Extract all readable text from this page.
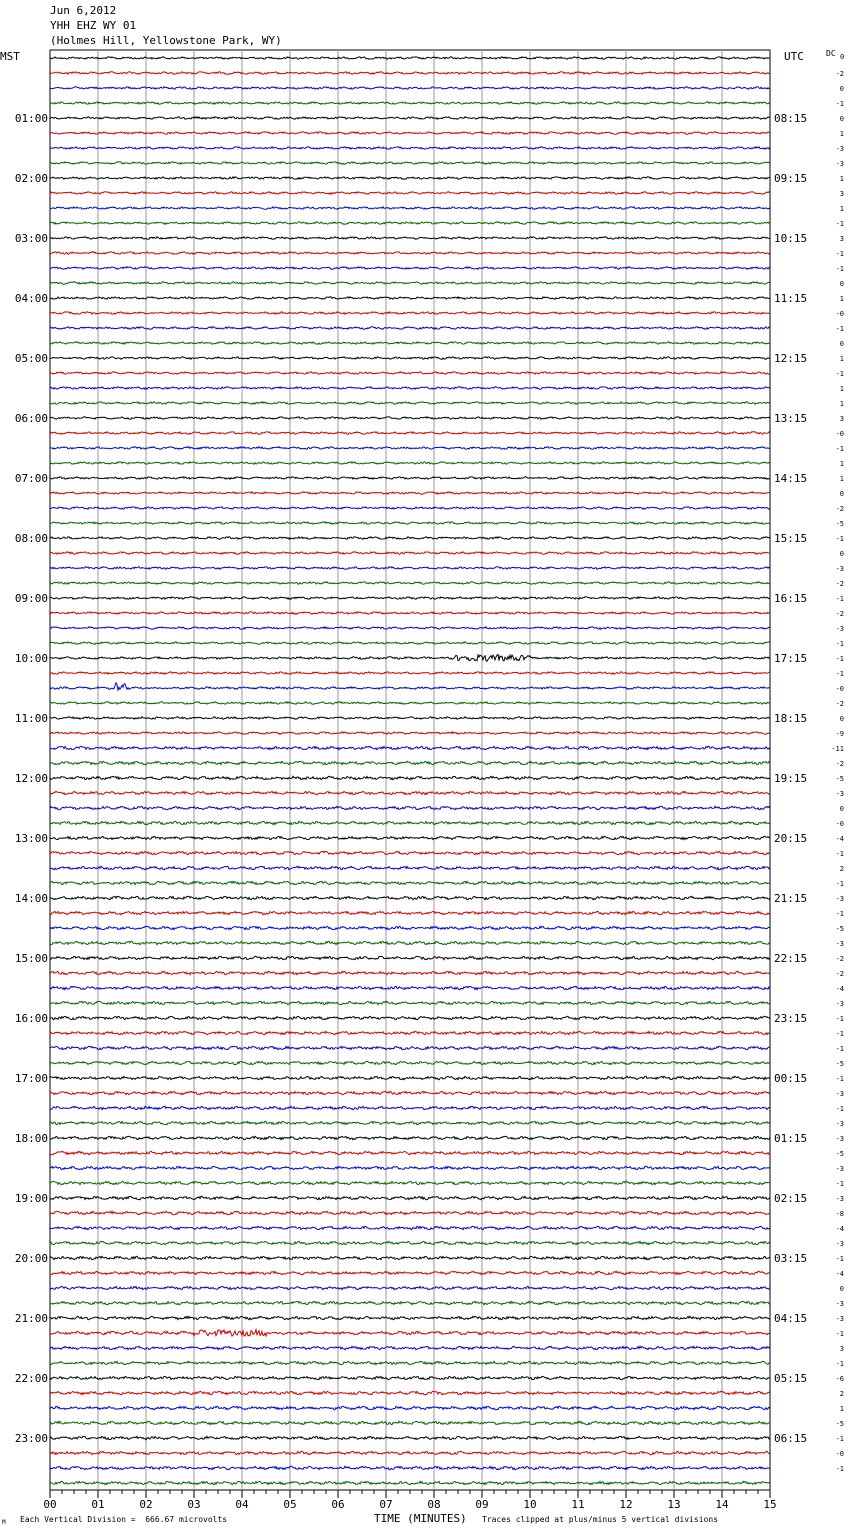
Jun 6,2012
YHH EHZ WY 01
(Holmes Hill, Yellowstone Park, WY)
MST	UTC	DC 0
-2
0
-1
0
1
-3
-3
1
3
1
-1
3
-1
-1
0
1
-0
-1
0
1
-1
1
1
3
-0
-1
1
1
0
-2
-5
-1
0
-3
-2
-1
-2
-3
-1
-1
-1
-0
-2
0
-9
-11
-2
-5
-3
0
-0
-4
-1
2
-1
-3
-1
-5
-3
-2
-2
-4
-3
-1
-1
-1
-5
-1
-3
-1
-3
-3
-5
-3
-1
-3
-8
-4
-3
-1
-4
0
-3
-3
-1
3
-1
-6
2
1
-5
-1
-0
-1
01:00
02:00
03:00
04:00
05:00
06:00
07:00
08:00
09:00
10:00
11:00
12:00
13:00
14:00
15:00
16:00
17:00
18:00
19:00
20:00
21:00
22:00
23:00
08:15
09:15
10:15
11:15
12:15
13:15
14:15
15:15
16:15
17:15
18:15
19:15
20:15
21:15
22:15
23:15
00:15
01:15
02:15
03:15
04:15
05:15
06:15
00	01	02	03	04	05	06	07	08	09	10	11	12	13	14	15
M Each Vertical Division =  666.67 microvolts	TIME (MINUTES) Traces clipped at plus/minus 5 vertical divisions
